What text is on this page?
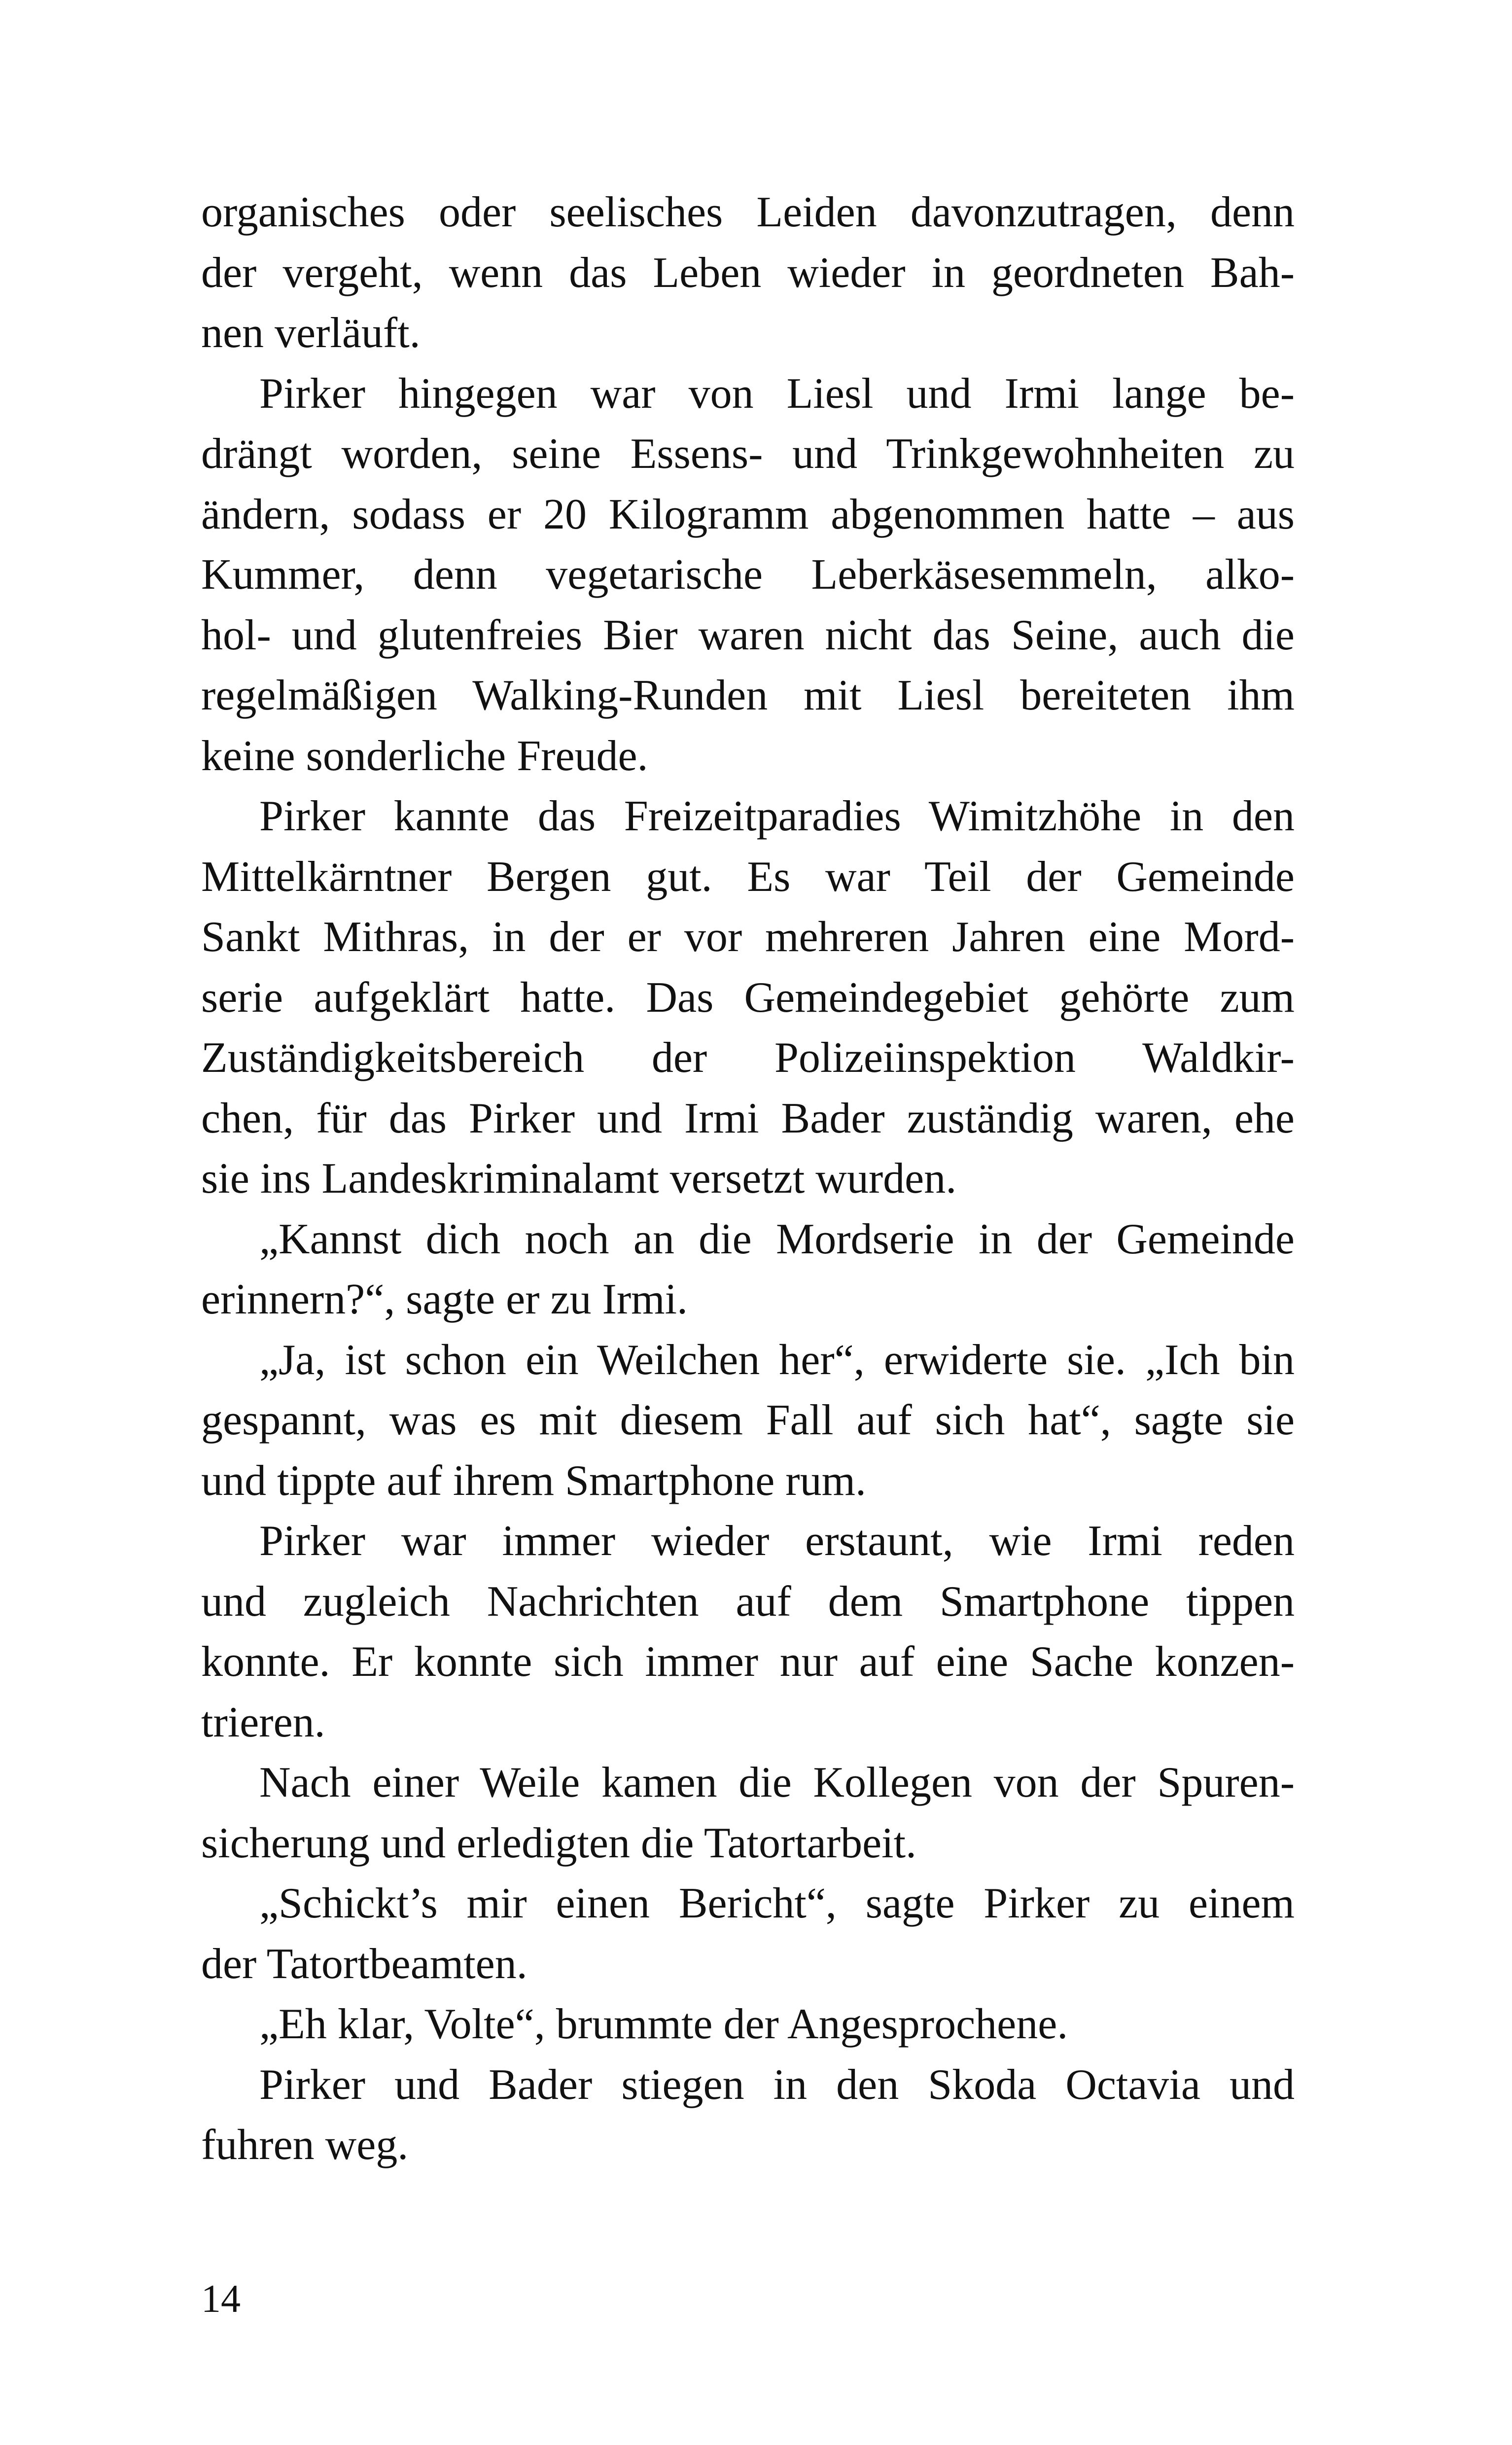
organisches oder seelisches Leiden davonzutragen, denn
der vergeht, wenn das Leben wieder in geordneten Bah-
nen verläuft.
Pirker hingegen war von Liesl und Irmi lange be-
drängt worden, seine Essens- und Trinkgewohnheiten zu
ändern, sodass er 20 Kilogramm abgenommen hatte – aus
Kummer, denn vegetarische Leberkäsesemmeln, alko-
hol- und glutenfreies Bier waren nicht das Seine, auch die
regelmäßigen Walking-Runden mit Liesl bereiteten ihm
keine sonderliche Freude.
Pirker kannte das Freizeitparadies Wimitzhöhe in den
Mittelkärntner Bergen gut. Es war Teil der Gemeinde
Sankt Mithras, in der er vor mehreren Jahren eine Mord-
serie aufgeklärt hatte. Das Gemeindegebiet gehörte zum
Zuständigkeitsbereich der Polizeiinspektion Waldkir-
chen, für das Pirker und Irmi Bader zuständig waren, ehe
sie ins Landeskriminalamt versetzt wurden.
„Kannst dich noch an die Mordserie in der Gemeinde
erinnern?“, sagte er zu Irmi.
„Ja, ist schon ein Weilchen her“, erwiderte sie. „Ich bin
gespannt, was es mit diesem Fall auf sich hat“, sagte sie
und tippte auf ihrem Smartphone rum.
Pirker war immer wieder erstaunt, wie Irmi reden
und zugleich Nachrichten auf dem Smartphone tippen
konnte. Er konnte sich immer nur auf eine Sache konzen-
trieren.
Nach einer Weile kamen die Kollegen von der Spuren-
sicherung und erledigten die Tatortarbeit.
„Schickt’s mir einen Bericht“, sagte Pirker zu einem
der Tatortbeamten.
„Eh klar, Volte“, brummte der Angesprochene.
Pirker und Bader stiegen in den Skoda Octavia und
fuhren weg.
14
